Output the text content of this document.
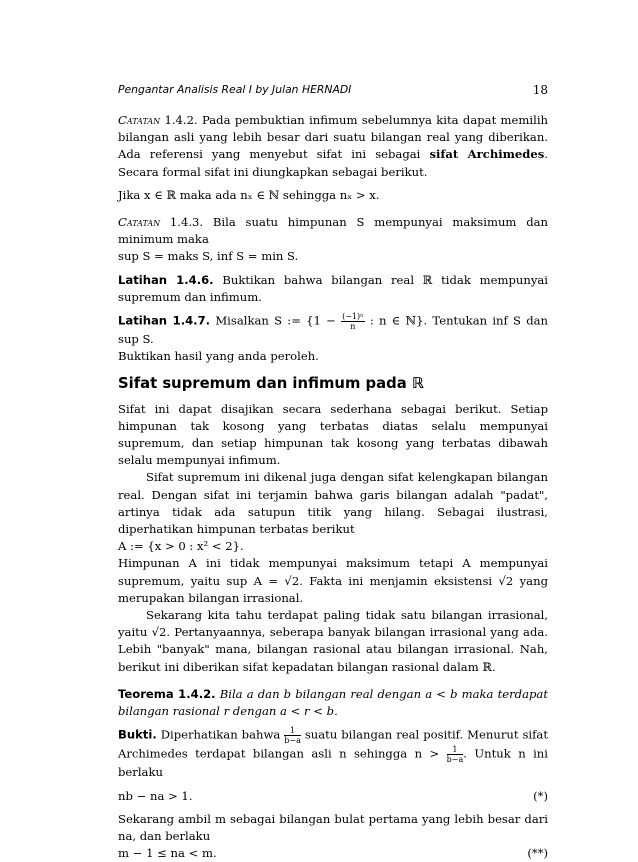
Pengantar Analisis Real I by Julan HERNADI	18

Catatan 1.4.2. Pada pembuktian infimum sebelumnya kita dapat memilih bilangan asli yang lebih besar dari suatu bilangan real yang diberikan. Ada referensi yang menyebut sifat ini sebagai sifat Archimedes. Secara formal sifat ini diungkapkan sebagai berikut.

Jika x ∈ ℝ maka ada nₓ ∈ ℕ sehingga nₓ > x.

Catatan 1.4.3. Bila suatu himpunan S mempunyai maksimum dan minimum maka

sup S = maks S, inf S = min S.

Latihan 1.4.6. Buktikan bahwa bilangan real ℝ tidak mempunyai supremum dan infimum.

Latihan 1.4.7. Misalkan S := {$1 - \frac{\text{(−1)ⁿ}}{n}$ : n ∈ ℕ}. Tentukan inf S dan sup S.

Buktikan hasil yang anda peroleh.

Sifat supremum dan infimum pada ℝ

Sifat ini dapat disajikan secara sederhana sebagai berikut. Setiap himpunan tak kosong yang terbatas diatas selalu mempunyai supremum, dan setiap himpunan tak kosong yang terbatas dibawah selalu mempunyai infimum.

Sifat supremum ini dikenal juga dengan sifat kelengkapan bilangan real. Dengan sifat ini terjamin bahwa garis bilangan adalah "padat", artinya tidak ada satupun titik yang hilang. Sebagai ilustrasi, diperhatikan himpunan terbatas berikut

A := {x > 0 : x² < 2}.

Himpunan A ini tidak mempunyai maksimum tetapi A mempunyai supremum, yaitu sup A = √2. Fakta ini menjamin eksistensi √2 yang merupakan bilangan irrasional.

Sekarang kita tahu terdapat paling tidak satu bilangan irrasional, yaitu √2. Pertanyaannya, seberapa banyak bilangan irrasional yang ada. Lebih "banyak" mana, bilangan rasional atau bilangan irrasional. Nah, berikut ini diberikan sifat kepadatan bilangan rasional dalam ℝ.

Teorema 1.4.2. Bila a dan b bilangan real dengan a < b maka terdapat bilangan rasional r dengan a < r < b.

Bukti. Diperhatikan bahwa $\frac{1}{b-a}$ suatu bilangan real positif. Menurut sifat Archimedes terdapat bilangan asli n sehingga $n > \frac{1}{b-a}$ . Untuk n ini berlaku

nb − na > 1.	(*)

Sekarang ambil m sebagai bilangan bulat pertama yang lebih besar dari na, dan berlaku

m − 1 ≤ na < m.	(**)
